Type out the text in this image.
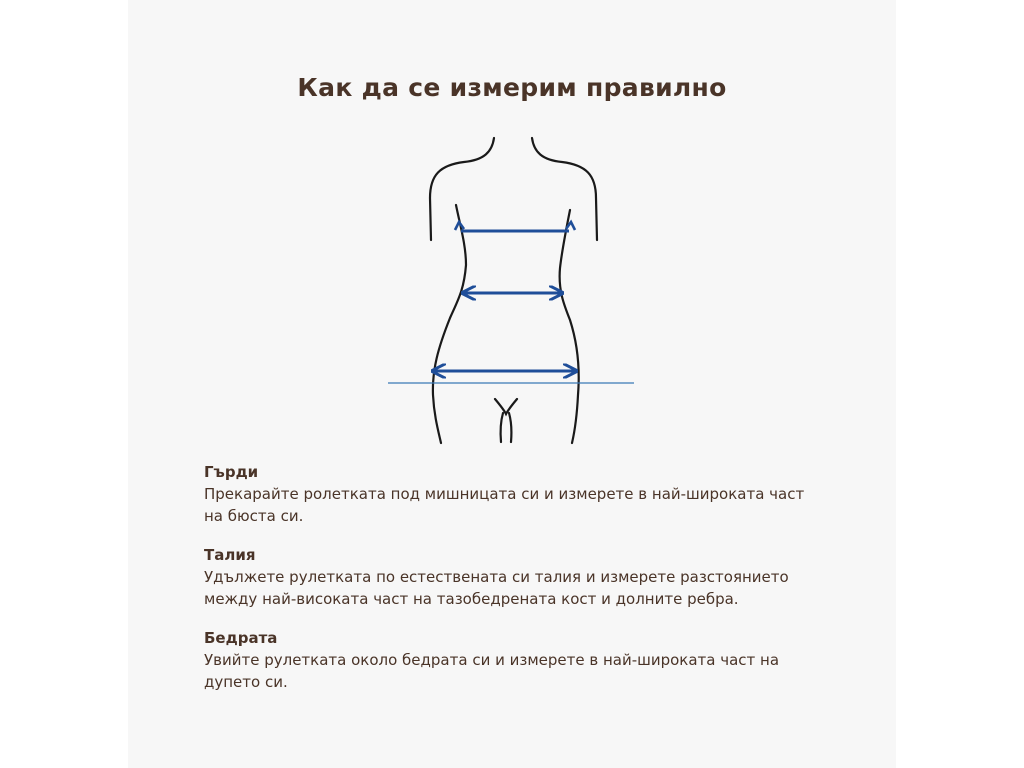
Как да се измерим правилно
Гърди
Прекарайте ролетката под мишницата си и измерете в най-широката част на бюста си.
Талия
Удължете рулетката по естествената си талия и измерете разстоянието между най-високата част на тазобедрената кост и долните ребра.
Бедрата
Увийте рулетката около бедрата си и измерете в най-широката част на дупето си.
